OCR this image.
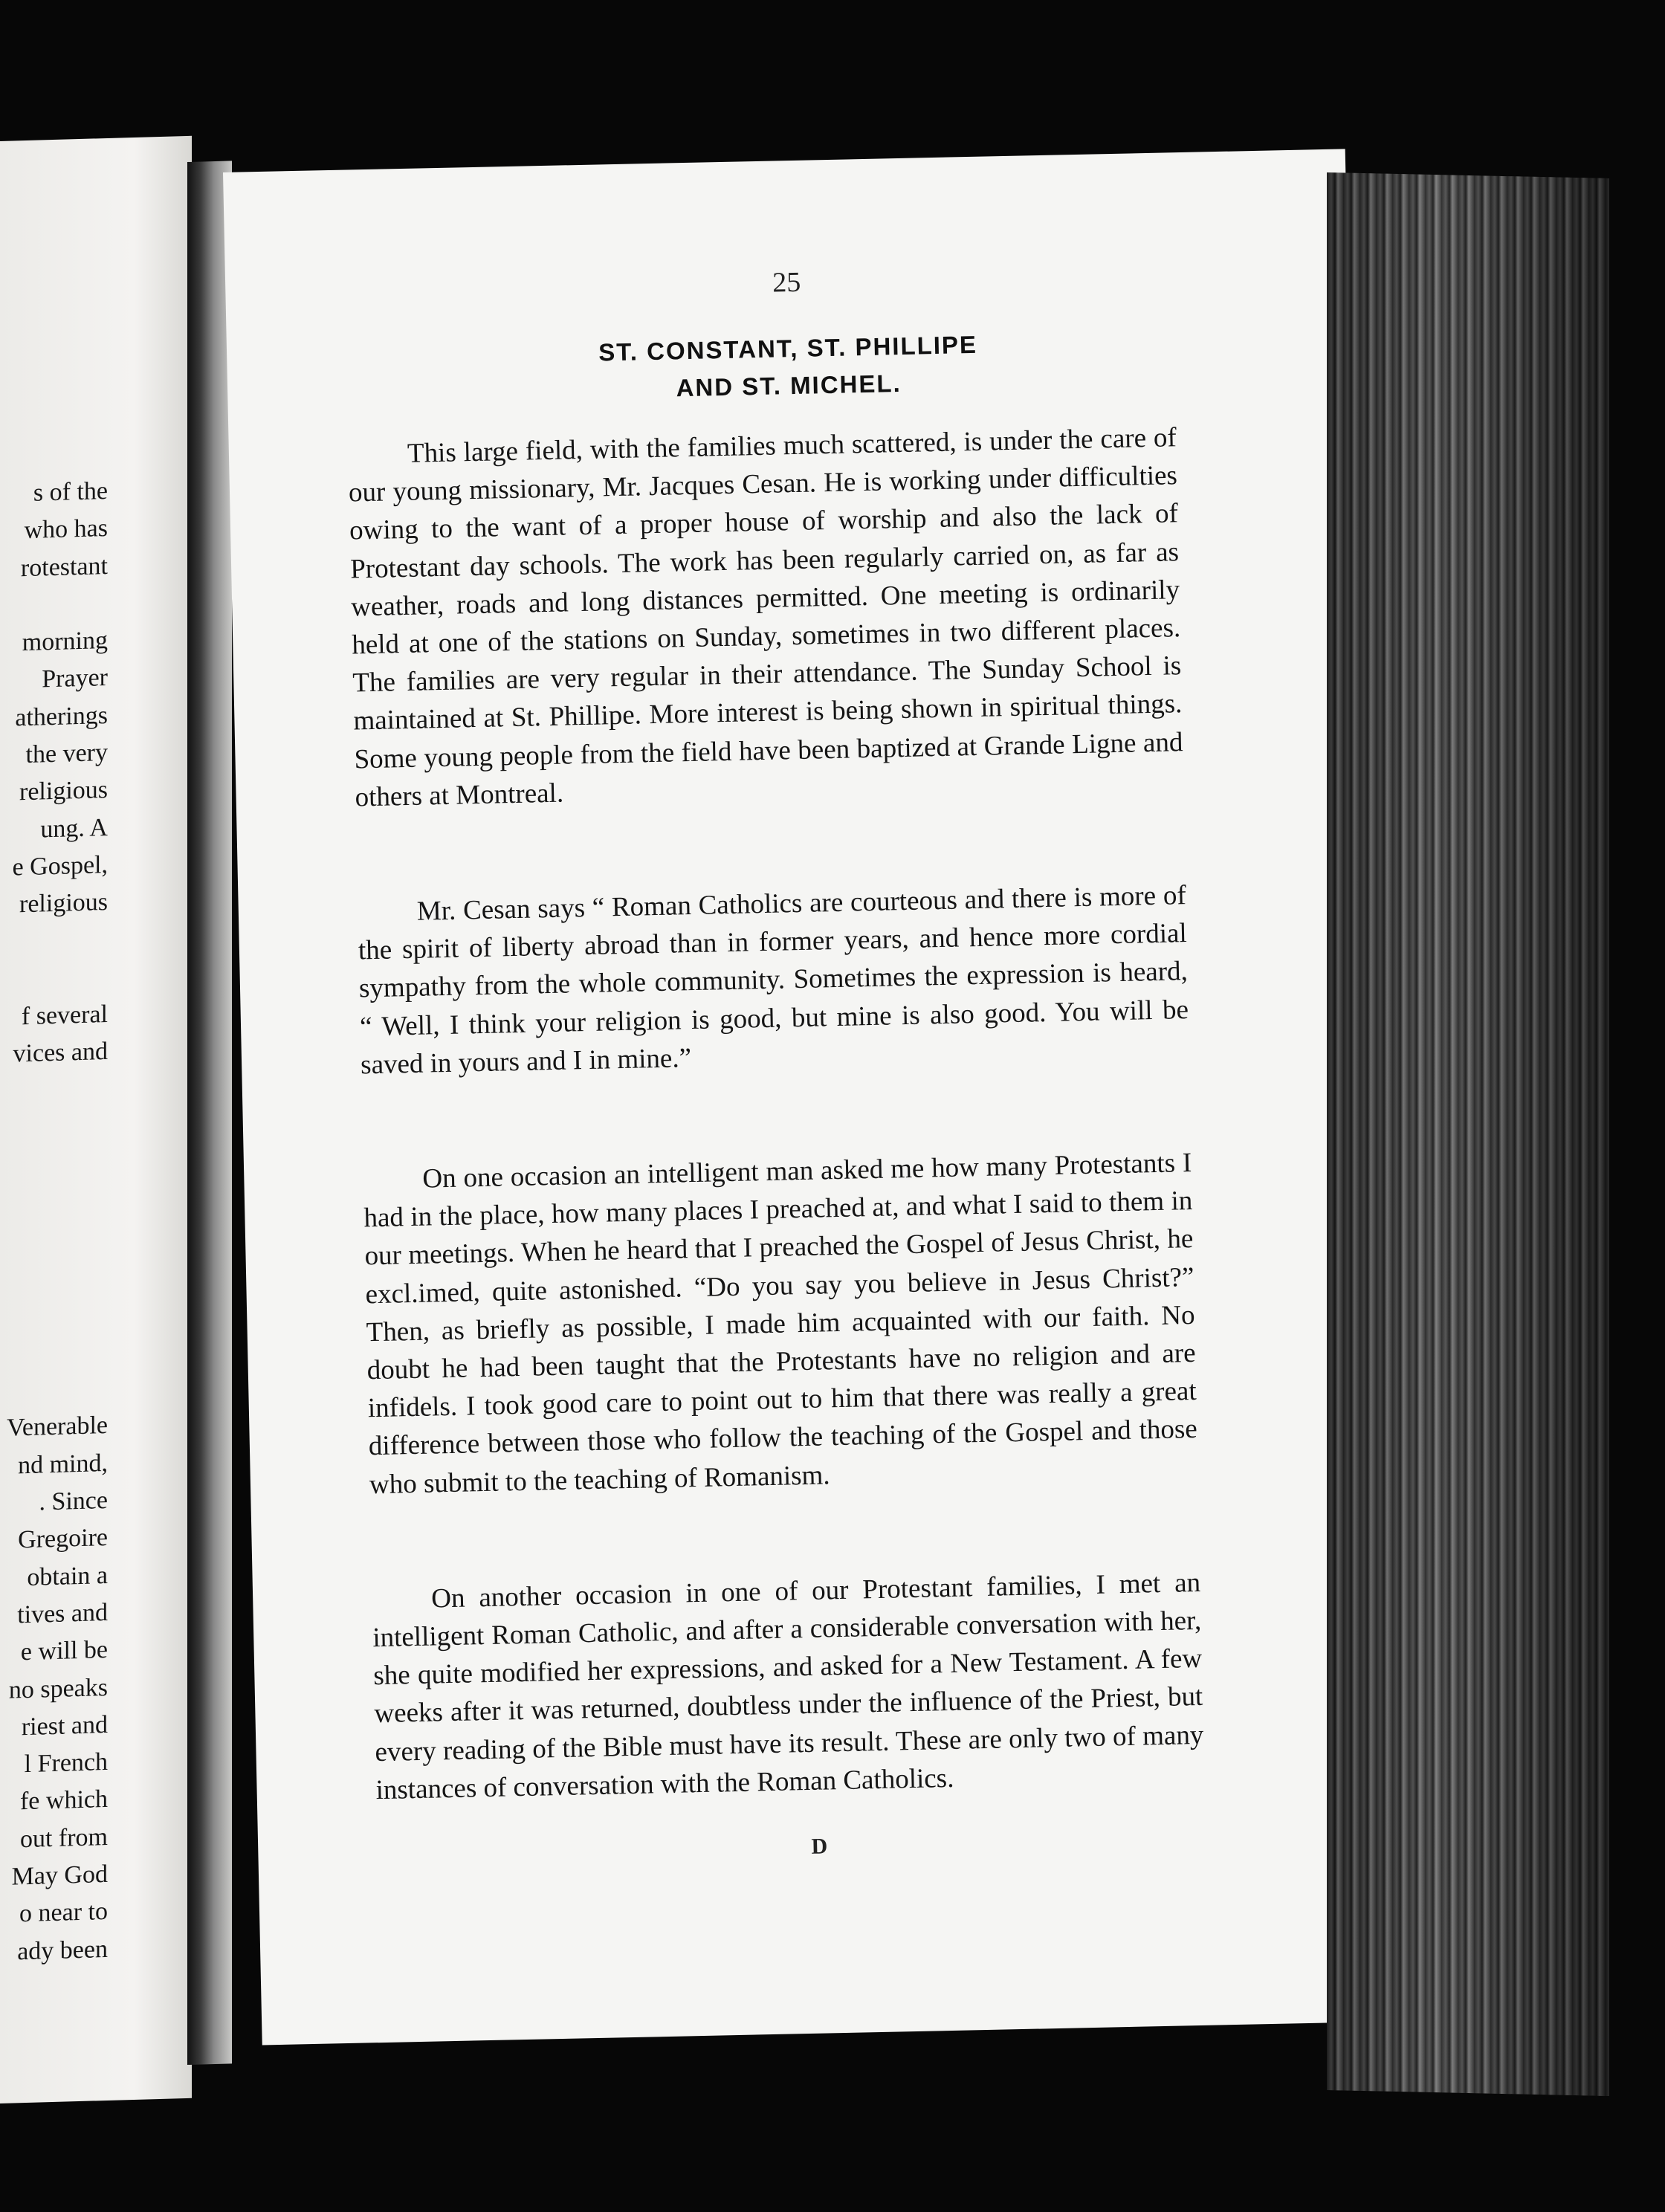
s of the
who has
rotestant
morning
Prayer
atherings
the very
religious
ung. A
e Gospel,
religious
f several
vices and
Venerable
nd mind,
. Since
Gregoire
obtain a
tives and
e will be
no speaks
riest and
l French
fe which
out from
May God
o near to
ady been
25
ST. CONSTANT, ST. PHILLIPE
AND ST. MICHEL.

This large field, with the families much scattered, is under the care of our young missionary, Mr. Jacques Cesan. He is working under difficulties owing to the want of a proper house of worship and also the lack of Protestant day schools. The work has been regularly carried on, as far as weather, roads and long distances permitted. One meeting is ordinarily held at one of the stations on Sunday, sometimes in two different places. The families are very regular in their attendance. The Sunday School is maintained at St. Phillipe. More interest is being shown in spiritual things. Some young people from the field have been baptized at Grande Ligne and others at Montreal.

Mr. Cesan says “ Roman Catholics are courteous and there is more of the spirit of liberty abroad than in former years, and hence more cordial sympathy from the whole community. Sometimes the expression is heard, “ Well, I think your religion is good, but mine is also good. You will be saved in yours and I in mine.”

On one occasion an intelligent man asked me how many Protestants I had in the place, how many places I preached at, and what I said to them in our meetings. When he heard that I preached the Gospel of Jesus Christ, he excl.imed, quite astonished. “Do you say you believe in Jesus Christ?” Then, as briefly as possible, I made him acquainted with our faith. No doubt he had been taught that the Protestants have no religion and are infidels. I took good care to point out to him that there was really a great difference between those who follow the teaching of the Gospel and those who submit to the teaching of Romanism.

On another occasion in one of our Protestant families, I met an intelligent Roman Catholic, and after a considerable conversation with her, she quite modified her expressions, and asked for a New Testament. A few weeks after it was returned, doubtless under the influence of the Priest, but every reading of the Bible must have its result. These are only two of many instances of conversation with the Roman Catholics.

D
